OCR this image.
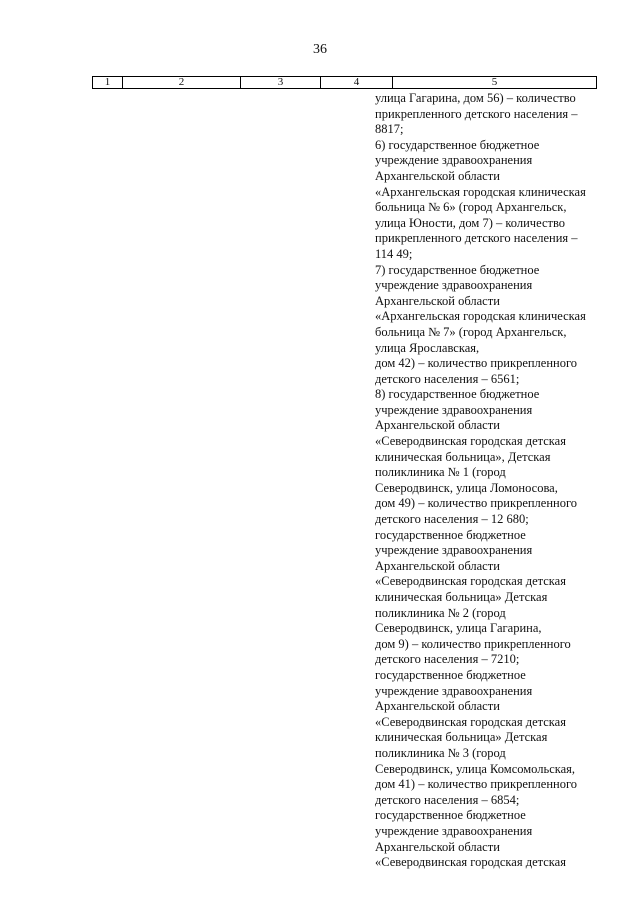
36
1	2	3	4	5
улица Гагарина, дом 56) – количество
прикрепленного детского населения –
8817;
6) государственное бюджетное
учреждение здравоохранения
Архангельской области
«Архангельская городская клиническая
больница № 6» (город Архангельск,
улица Юности, дом 7) – количество
прикрепленного детского населения –
114 49;
7) государственное бюджетное
учреждение здравоохранения
Архангельской области
«Архангельская городская клиническая
больница № 7» (город Архангельск,
улица Ярославская,
дом 42) – количество прикрепленного
детского населения – 6561;
8) государственное бюджетное
учреждение здравоохранения
Архангельской области
«Северодвинская городская детская
клиническая больница», Детская
поликлиника № 1 (город
Северодвинск, улица Ломоносова,
дом 49) – количество прикрепленного
детского населения – 12 680;
государственное бюджетное
учреждение здравоохранения
Архангельской области
«Северодвинская городская детская
клиническая больница» Детская
поликлиника № 2 (город
Северодвинск, улица Гагарина,
дом 9) – количество прикрепленного
детского населения – 7210;
государственное бюджетное
учреждение здравоохранения
Архангельской области
«Северодвинская городская детская
клиническая больница» Детская
поликлиника № 3 (город
Северодвинск, улица Комсомольская,
дом 41) – количество прикрепленного
детского населения – 6854;
государственное бюджетное
учреждение здравоохранения
Архангельской области
«Северодвинская городская детская
